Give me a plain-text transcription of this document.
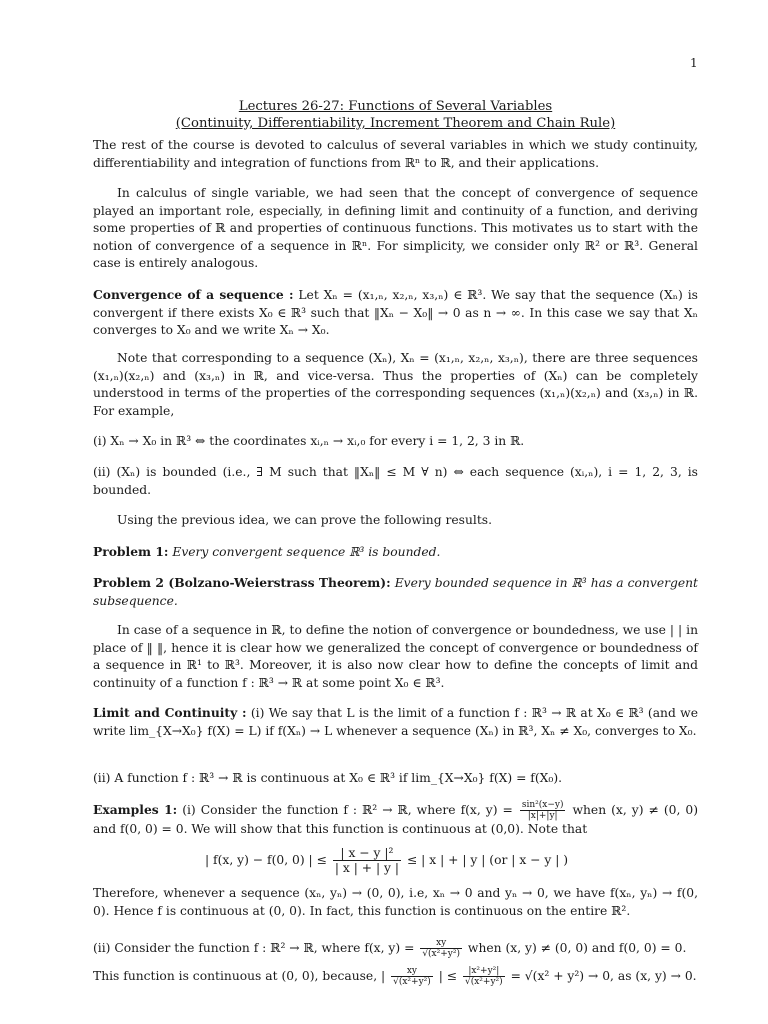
1
Lectures 26-27: Functions of Several Variables
(Continuity, Differentiability, Increment Theorem and Chain Rule)

The rest of the course is devoted to calculus of several variables in which we study continuity, differentiability and integration of functions from ℝⁿ to ℝ, and their applications.

In calculus of single variable, we had seen that the concept of convergence of sequence played an important role, especially, in defining limit and continuity of a function, and deriving some properties of ℝ and properties of continuous functions. This motivates us to start with the notion of convergence of a sequence in ℝⁿ. For simplicity, we consider only ℝ² or ℝ³. General case is entirely analogous.

Convergence of a sequence : Let Xₙ = (x₁,ₙ, x₂,ₙ, x₃,ₙ) ∈ ℝ³. We say that the sequence (Xₙ) is convergent if there exists X₀ ∈ ℝ³ such that ‖Xₙ − X₀‖ → 0 as n → ∞. In this case we say that Xₙ converges to X₀ and we write Xₙ → X₀.

Note that corresponding to a sequence (Xₙ), Xₙ = (x₁,ₙ, x₂,ₙ, x₃,ₙ), there are three sequences (x₁,ₙ)(x₂,ₙ) and (x₃,ₙ) in ℝ, and vice-versa. Thus the properties of (Xₙ) can be completely understood in terms of the properties of the corresponding sequences (x₁,ₙ)(x₂,ₙ) and (x₃,ₙ) in ℝ. For example,

(i) Xₙ → X₀ in ℝ³ ⇔ the coordinates xᵢ,ₙ → xᵢ,₀ for every i = 1, 2, 3 in ℝ.

(ii) (Xₙ) is bounded (i.e., ∃ M such that ‖Xₙ‖ ≤ M ∀ n) ⇔ each sequence (xᵢ,ₙ), i = 1, 2, 3, is bounded.

Using the previous idea, we can prove the following results.

Problem 1: Every convergent sequence ℝ³ is bounded.

Problem 2 (Bolzano-Weierstrass Theorem): Every bounded sequence in ℝ³ has a convergent subsequence.

In case of a sequence in ℝ, to define the notion of convergence or boundedness, we use | | in place of ‖ ‖, hence it is clear how we generalized the concept of convergence or boundedness of a sequence in ℝ¹ to ℝ³. Moreover, it is also now clear how to define the concepts of limit and continuity of a function f : ℝ³ → ℝ at some point X₀ ∈ ℝ³.

Limit and Continuity : (i) We say that L is the limit of a function f : ℝ³ → ℝ at X₀ ∈ ℝ³ (and we write lim_{X→X₀} f(X) = L) if f(Xₙ) → L whenever a sequence (Xₙ) in ℝ³, Xₙ ≠ X₀, converges to X₀.

(ii) A function f : ℝ³ → ℝ is continuous at X₀ ∈ ℝ³ if lim_{X→X₀} f(X) = f(X₀).

Examples 1: (i) Consider the function f : ℝ² → ℝ, where f(x, $y) = \frac{\text{sin²(x−y)}}{|x|+|y|}$ when (x, y) ≠ (0, 0) and f(0, 0) = 0. We will show that this function is continuous at (0,0). Note that

| f(x, y) − f(0, 0) | ≤ $\frac{\text{| x − y |²}}{| x | + | y |}$ ≤ | x | + | y | (or | x − y | )

Therefore, whenever a sequence (xₙ, yₙ) → (0, 0), i.e, xₙ → 0 and yₙ → 0, we have f(xₙ, yₙ) → f(0, 0). Hence f is continuous at (0, 0). In fact, this function is continuous on the entire ℝ².

(ii) Consider the function f : ℝ² → ℝ, where f(x, $y) = \frac{xy}{\text{√(x²+y²)}}$ when (x, y) ≠ (0, 0) and f(0, 0) = 0.
This function is continuous at (0, 0), because, | $\frac{xy}{\text{√(x²+y²)}}$ | ≤ $\frac{\text{|x²+y²|}}{\text{√(x²+y²)}} = √(x^2 + y^2) \to 0$, as (x, y) → 0.
